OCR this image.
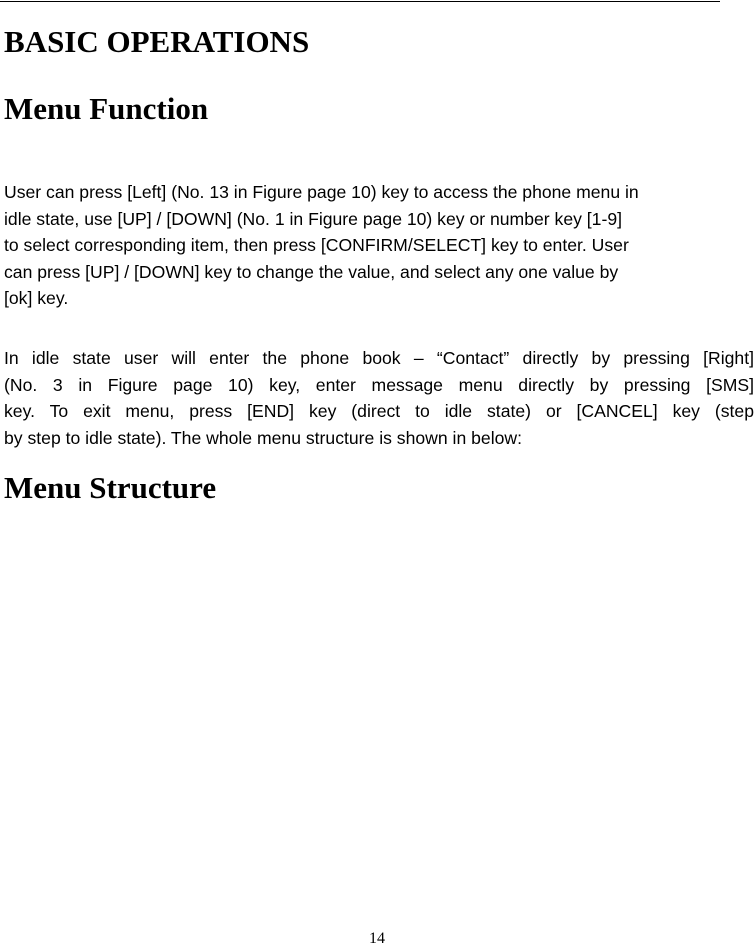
BASIC OPERATIONS
Menu Function
User can press [Left] (No. 13 in Figure page 10) key to access the phone menu in
idle state, use [UP] / [DOWN] (No. 1 in Figure page 10) key or number key [1-9]
to select corresponding item, then press [CONFIRM/SELECT] key to enter. User
can press [UP] / [DOWN] key to change the value, and select any one value by
[ok] key.
In idle state user will enter the phone book – “Contact” directly by pressing [Right]
(No. 3 in Figure page 10) key, enter message menu directly by pressing [SMS]
key. To exit menu, press [END] key (direct to idle state) or [CANCEL] key (step
by step to idle state). The whole menu structure is shown in below:
Menu Structure
14
